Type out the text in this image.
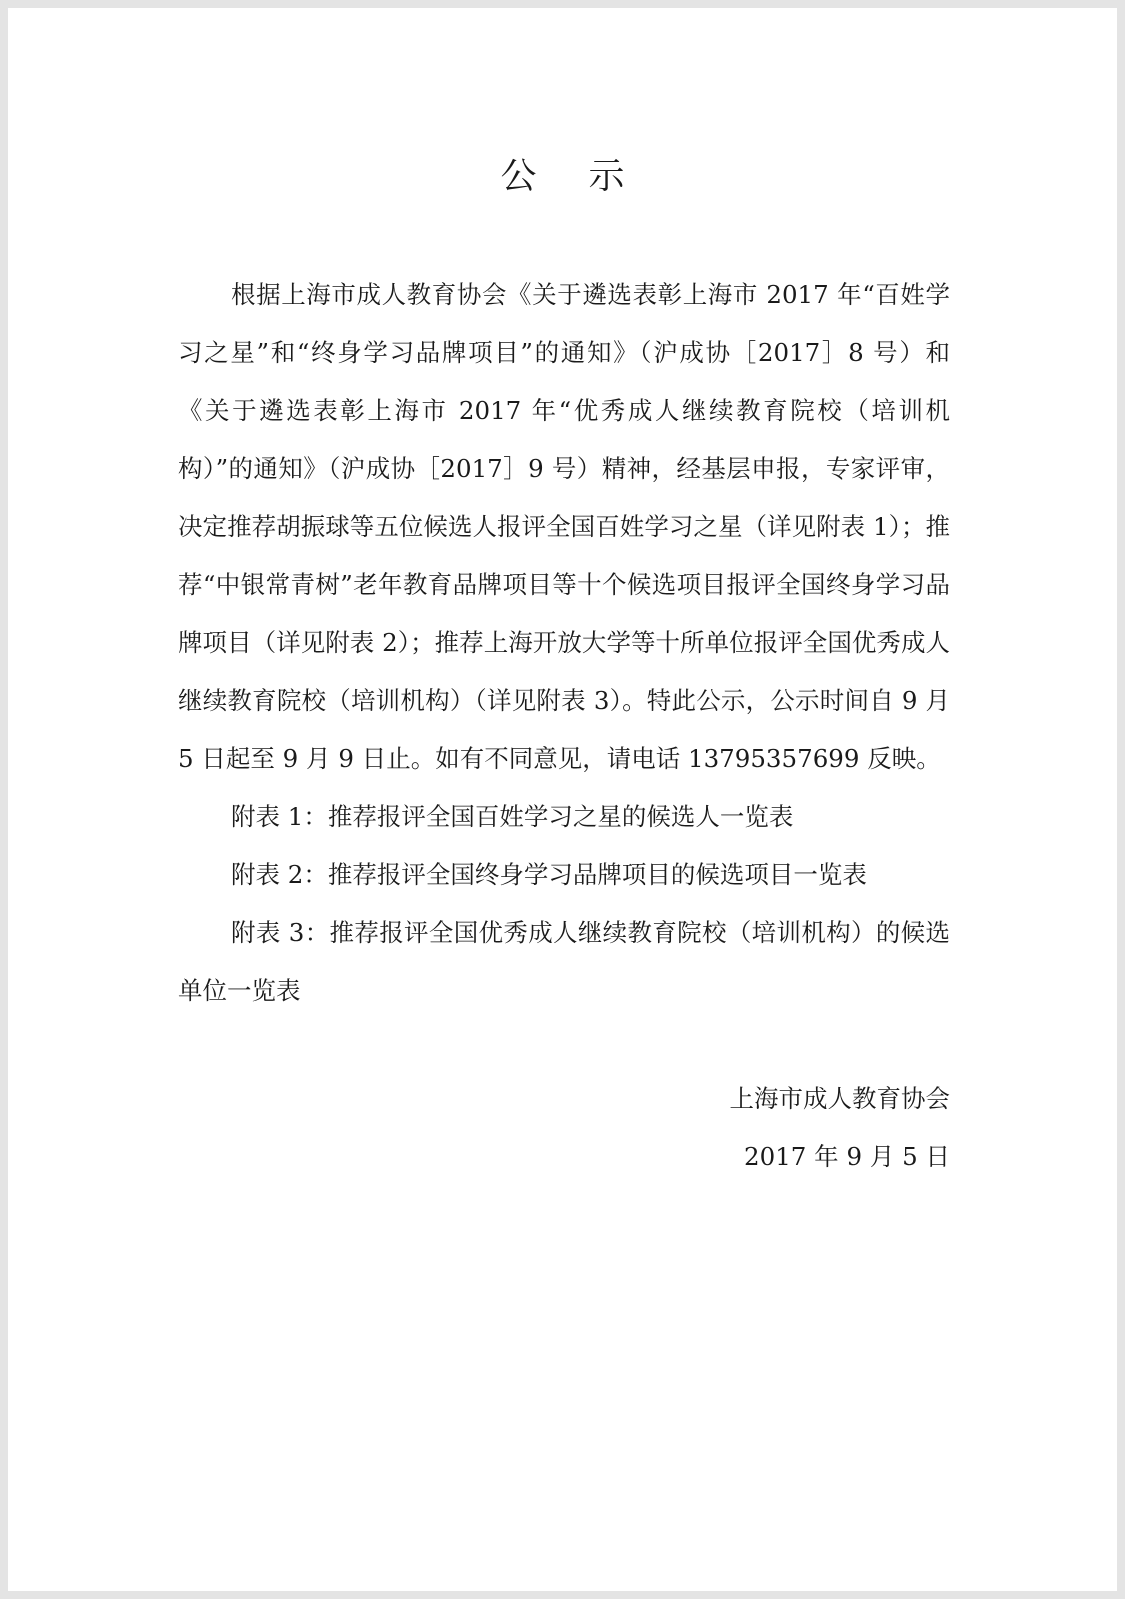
公示

根据上海市成人教育协会《关于遴选表彰上海市 2017 年“百姓学习之星”和“终身学习品牌项目”的通知》（沪成协［2017］8 号）和《关于遴选表彰上海市 2017 年“优秀成人继续教育院校（培训机构）”的通知》（沪成协［2017］9 号）精神，经基层申报，专家评审，决定推荐胡振球等五位候选人报评全国百姓学习之星（详见附表 1）；推荐“中银常青树”老年教育品牌项目等十个候选项目报评全国终身学习品牌项目（详见附表 2）；推荐上海开放大学等十所单位报评全国优秀成人继续教育院校（培训机构）（详见附表 3）。特此公示，公示时间自 9 月 5 日起至 9 月 9 日止。如有不同意见，请电话 13795357699 反映。

附表 1：推荐报评全国百姓学习之星的候选人一览表

附表 2：推荐报评全国终身学习品牌项目的候选项目一览表

附表 3：推荐报评全国优秀成人继续教育院校（培训机构）的候选单位一览表

上海市成人教育协会

2017 年 9 月 5 日
